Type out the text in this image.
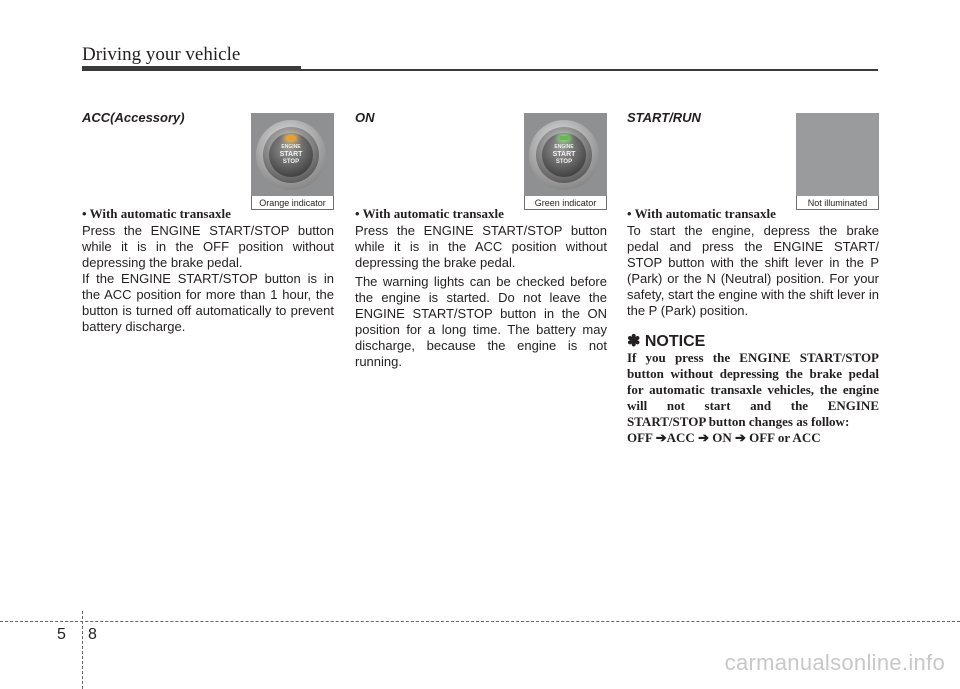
Driving your vehicle
ACC(Accessory)
ENGINE
START
STOP
Orange indicator

• With automatic transaxle

Press the ENGINE START/STOP button while it is in the OFF position without depressing the brake pedal.

If the ENGINE START/STOP button is in the ACC position for more than 1 hour, the button is turned off automatically to prevent battery discharge.

ON
ENGINE
START
STOP
Green indicator

• With automatic transaxle

Press the ENGINE START/STOP button while it is in the ACC position without depressing the brake pedal.

The warning lights can be checked before the engine is started. Do not leave the ENGINE START/STOP button in the ON position for a long time. The battery may discharge, because the engine is not running.

START/RUN
Not illuminated

• With automatic transaxle

To start the engine, depress the brake pedal and press the ENGINE START/ STOP button with the shift lever in the P (Park) or the N (Neutral) position. For your safety, start the engine with the shift lever in the P (Park) position.

✽ NOTICE
If you press the ENGINE START/STOP button without depressing the brake pedal for automatic transaxle vehicles, the engine will not start and the ENGINE START/STOP button changes as follow:
OFF ➔ACC ➔ ON ➔ OFF or ACC
5 8
carmanualsonline.info
